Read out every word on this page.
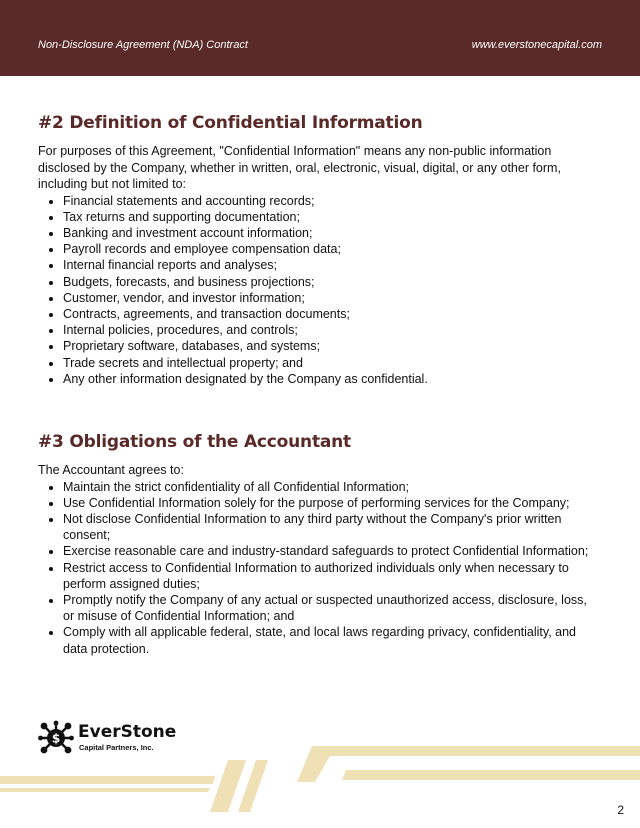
Non-Disclosure Agreement (NDA) Contract	www.everstonecapital.com
#2 Definition of Confidential Information

For purposes of this Agreement, "Confidential Information" means any non-public information disclosed by the Company, whether in written, oral, electronic, visual, digital, or any other form, including but not limited to:

• Financial statements and accounting records;
• Tax returns and supporting documentation;
• Banking and investment account information;
• Payroll records and employee compensation data;
• Internal financial reports and analyses;
• Budgets, forecasts, and business projections;
• Customer, vendor, and investor information;
• Contracts, agreements, and transaction documents;
• Internal policies, procedures, and controls;
• Proprietary software, databases, and systems;
• Trade secrets and intellectual property; and
• Any other information designated by the Company as confidential.
#3 Obligations of the Accountant

The Accountant agrees to:

• Maintain the strict confidentiality of all Confidential Information;
• Use Confidential Information solely for the purpose of performing services for the Company;
• Not disclose Confidential Information to any third party without the Company's prior written consent;
• Exercise reasonable care and industry-standard safeguards to protect Confidential Information;
• Restrict access to Confidential Information to authorized individuals only when necessary to perform assigned duties;
• Promptly notify the Company of any actual or suspected unauthorized access, disclosure, loss, or misuse of Confidential Information; and
• Comply with all applicable federal, state, and local laws regarding privacy, confidentiality, and data protection.
$ EverStone
Capital Partners, Inc.
2
